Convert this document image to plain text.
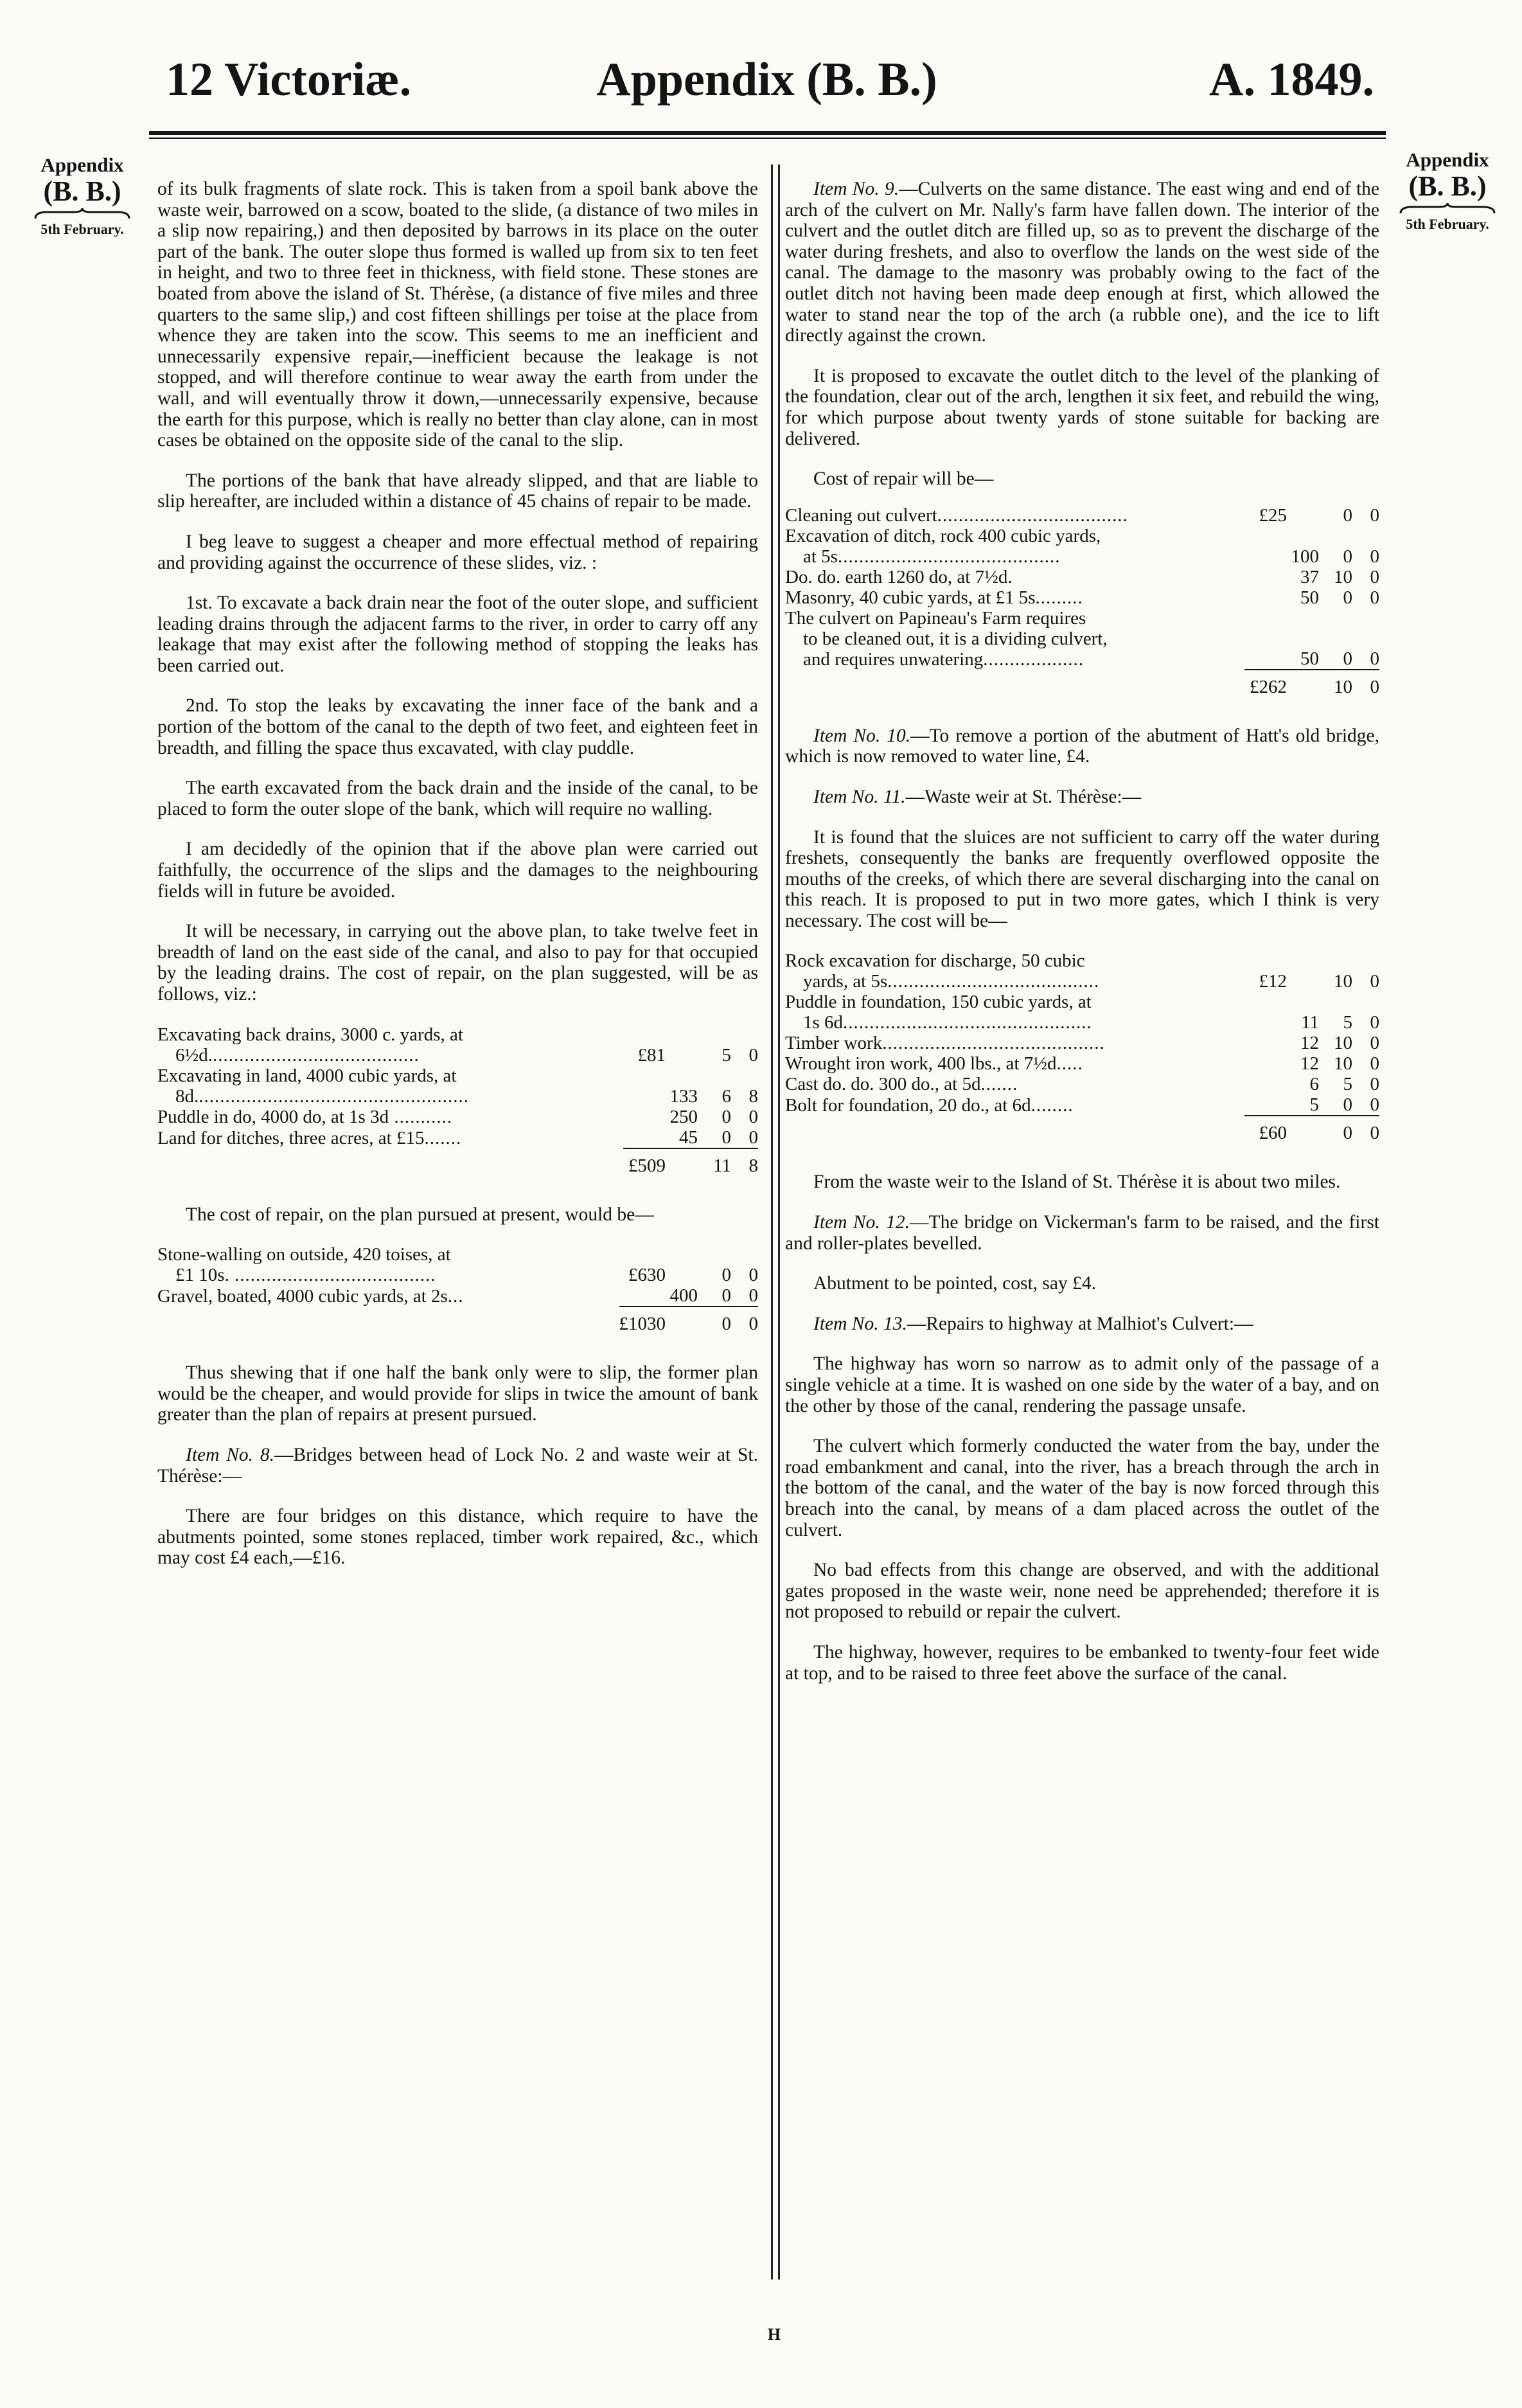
12 Victoriæ.	Appendix (B. B.)	A. 1849.
Appendix
(B. B.)
5th February.
Appendix
(B. B.)
5th February.

of its bulk fragments of slate rock. This is taken from a spoil bank above the waste weir, barrowed on a scow, boated to the slide, (a distance of two miles in a slip now repairing,) and then deposited by barrows in its place on the outer part of the bank. The outer slope thus formed is walled up from six to ten feet in height, and two to three feet in thickness, with field stone. These stones are boated from above the island of St. Thérèse, (a distance of five miles and three quarters to the same slip,) and cost fifteen shillings per toise at the place from whence they are taken into the scow. This seems to me an inefficient and unnecessarily expensive repair,—inefficient because the leakage is not stopped, and will therefore continue to wear away the earth from under the wall, and will eventually throw it down,—unnecessarily expensive, because the earth for this purpose, which is really no better than clay alone, can in most cases be obtained on the opposite side of the canal to the slip.

The portions of the bank that have already slipped, and that are liable to slip hereafter, are included within a distance of 45 chains of repair to be made.

I beg leave to suggest a cheaper and more effectual method of repairing and providing against the occurrence of these slides, viz. :

1st. To excavate a back drain near the foot of the outer slope, and sufficient leading drains through the adjacent farms to the river, in order to carry off any leakage that may exist after the following method of stopping the leaks has been carried out.

2nd. To stop the leaks by excavating the inner face of the bank and a portion of the bottom of the canal to the depth of two feet, and eighteen feet in breadth, and filling the space thus excavated, with clay puddle.

The earth excavated from the back drain and the inside of the canal, to be placed to form the outer slope of the bank, which will require no walling.

I am decidedly of the opinion that if the above plan were carried out faithfully, the occurrence of the slips and the damages to the neighbouring fields will in future be avoided.

It will be necessary, in carrying out the above plan, to take twelve feet in breadth of land on the east side of the canal, and also to pay for that occupied by the leading drains. The cost of repair, on the plan suggested, will be as follows, viz.:

Excavating back drains, 3000 c. yards, at
6½d........................................	£81		5	0
Excavating in land, 4000 cubic yards, at
8d....................................................		133	6	8
Puddle in do, 4000 do, at 1s 3d ...........		250	0	0
Land for ditches, three acres, at £15.......		45	0	0
	£509		11	8

The cost of repair, on the plan pursued at present, would be—

Stone-walling on outside, 420 toises, at
£1 10s. ......................................	£630		0	0
Gravel, boated, 4000 cubic yards, at 2s...		400	0	0
	£1030		0	0

Thus shewing that if one half the bank only were to slip, the former plan would be the cheaper, and would provide for slips in twice the amount of bank greater than the plan of repairs at present pursued.

Item No. 8.—Bridges between head of Lock No. 2 and waste weir at St. Thérèse:—

There are four bridges on this distance, which require to have the abutments pointed, some stones replaced, timber work repaired, &c., which may cost £4 each,—£16.

Item No. 9.—Culverts on the same distance. The east wing and end of the arch of the culvert on Mr. Nally's farm have fallen down. The interior of the culvert and the outlet ditch are filled up, so as to prevent the discharge of the water during freshets, and also to overflow the lands on the west side of the canal. The damage to the masonry was probably owing to the fact of the outlet ditch not having been made deep enough at first, which allowed the water to stand near the top of the arch (a rubble one), and the ice to lift directly against the crown.

It is proposed to excavate the outlet ditch to the level of the planking of the foundation, clear out of the arch, lengthen it six feet, and rebuild the wing, for which purpose about twenty yards of stone suitable for backing are delivered.

Cost of repair will be—

Cleaning out culvert....................................	£25		0	0
Excavation of ditch, rock 400 cubic yards,
at 5s..........................................		100	0	0
Do. do. earth 1260 do, at 7½d.		37	10	0
Masonry, 40 cubic yards, at £1 5s.........		50	0	0
The culvert on Papineau's Farm requires
to be cleaned out, it is a dividing culvert,
and requires unwatering...................		50	0	0
	£262		10	0

Item No. 10.—To remove a portion of the abutment of Hatt's old bridge, which is now removed to water line, £4.

Item No. 11.—Waste weir at St. Thérèse:—

It is found that the sluices are not sufficient to carry off the water during freshets, consequently the banks are frequently overflowed opposite the mouths of the creeks, of which there are several discharging into the canal on this reach. It is proposed to put in two more gates, which I think is very necessary. The cost will be—

Rock excavation for discharge, 50 cubic
yards, at 5s........................................	£12		10	0
Puddle in foundation, 150 cubic yards, at
1s 6d...............................................		11	5	0
Timber work..........................................		12	10	0
Wrought iron work, 400 lbs., at 7½d.....		12	10	0
Cast do. do. 300 do., at 5d.......		6	5	0
Bolt for foundation, 20 do., at 6d........		5	0	0
	£60		0	0

From the waste weir to the Island of St. Thérèse it is about two miles.

Item No. 12.—The bridge on Vickerman's farm to be raised, and the first and roller-plates bevelled.

Abutment to be pointed, cost, say £4.

Item No. 13.—Repairs to highway at Malhiot's Culvert:—

The highway has worn so narrow as to admit only of the passage of a single vehicle at a time. It is washed on one side by the water of a bay, and on the other by those of the canal, rendering the passage unsafe.

The culvert which formerly conducted the water from the bay, under the road embankment and canal, into the river, has a breach through the arch in the bottom of the canal, and the water of the bay is now forced through this breach into the canal, by means of a dam placed across the outlet of the culvert.

No bad effects from this change are observed, and with the additional gates proposed in the waste weir, none need be apprehended; therefore it is not proposed to rebuild or repair the culvert.

The highway, however, requires to be embanked to twenty-four feet wide at top, and to be raised to three feet above the surface of the canal.

H
